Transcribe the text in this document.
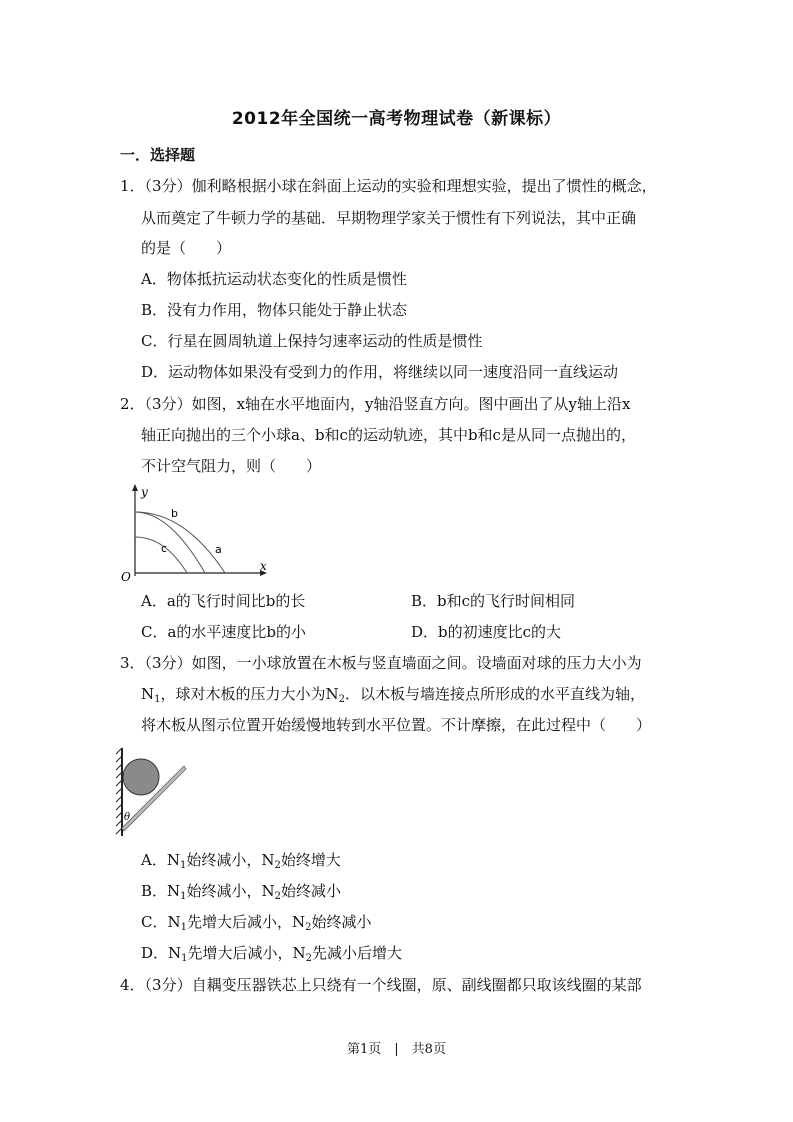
2012年全国统一高考物理试卷（新课标）
一．选择题
1．（3分）伽利略根据小球在斜面上运动的实验和理想实验，提出了惯性的概念，
从而奠定了牛顿力学的基础．早期物理学家关于惯性有下列说法，其中正确
的是（　　）
A．物体抵抗运动状态变化的性质是惯性
B．没有力作用，物体只能处于静止状态
C．行星在圆周轨道上保持匀速率运动的性质是惯性
D．运动物体如果没有受到力的作用，将继续以同一速度沿同一直线运动
2．（3分）如图，x轴在水平地面内，y轴沿竖直方向。图中画出了从y轴上沿x
轴正向抛出的三个小球a、b和c的运动轨迹，其中b和c是从同一点抛出的，
不计空气阻力，则（　　）
y
x
O
b
c	a
A．a的飞行时间比b的长	B．b和c的飞行时间相同
C．a的水平速度比b的小	D．b的初速度比c的大
3．（3分）如图，一小球放置在木板与竖直墙面之间。设墙面对球的压力大小为
$N_1$，球对木板的压力大小为$N_2$．以木板与墙连接点所形成的水平直线为轴，
将木板从图示位置开始缓慢地转到水平位置。不计摩擦，在此过程中（　　）
θ
A．$N_1$始终减小，$N_2$始终增大
B．$N_1$始终减小，$N_2$始终减小
C．$N_1$先增大后减小，$N_2$始终减小
D．$N_1$先增大后减小，$N_2$先减小后增大
4．（3分）自耦变压器铁芯上只绕有一个线圈，原、副线圈都只取该线圈的某部
第1页　|　共8页
